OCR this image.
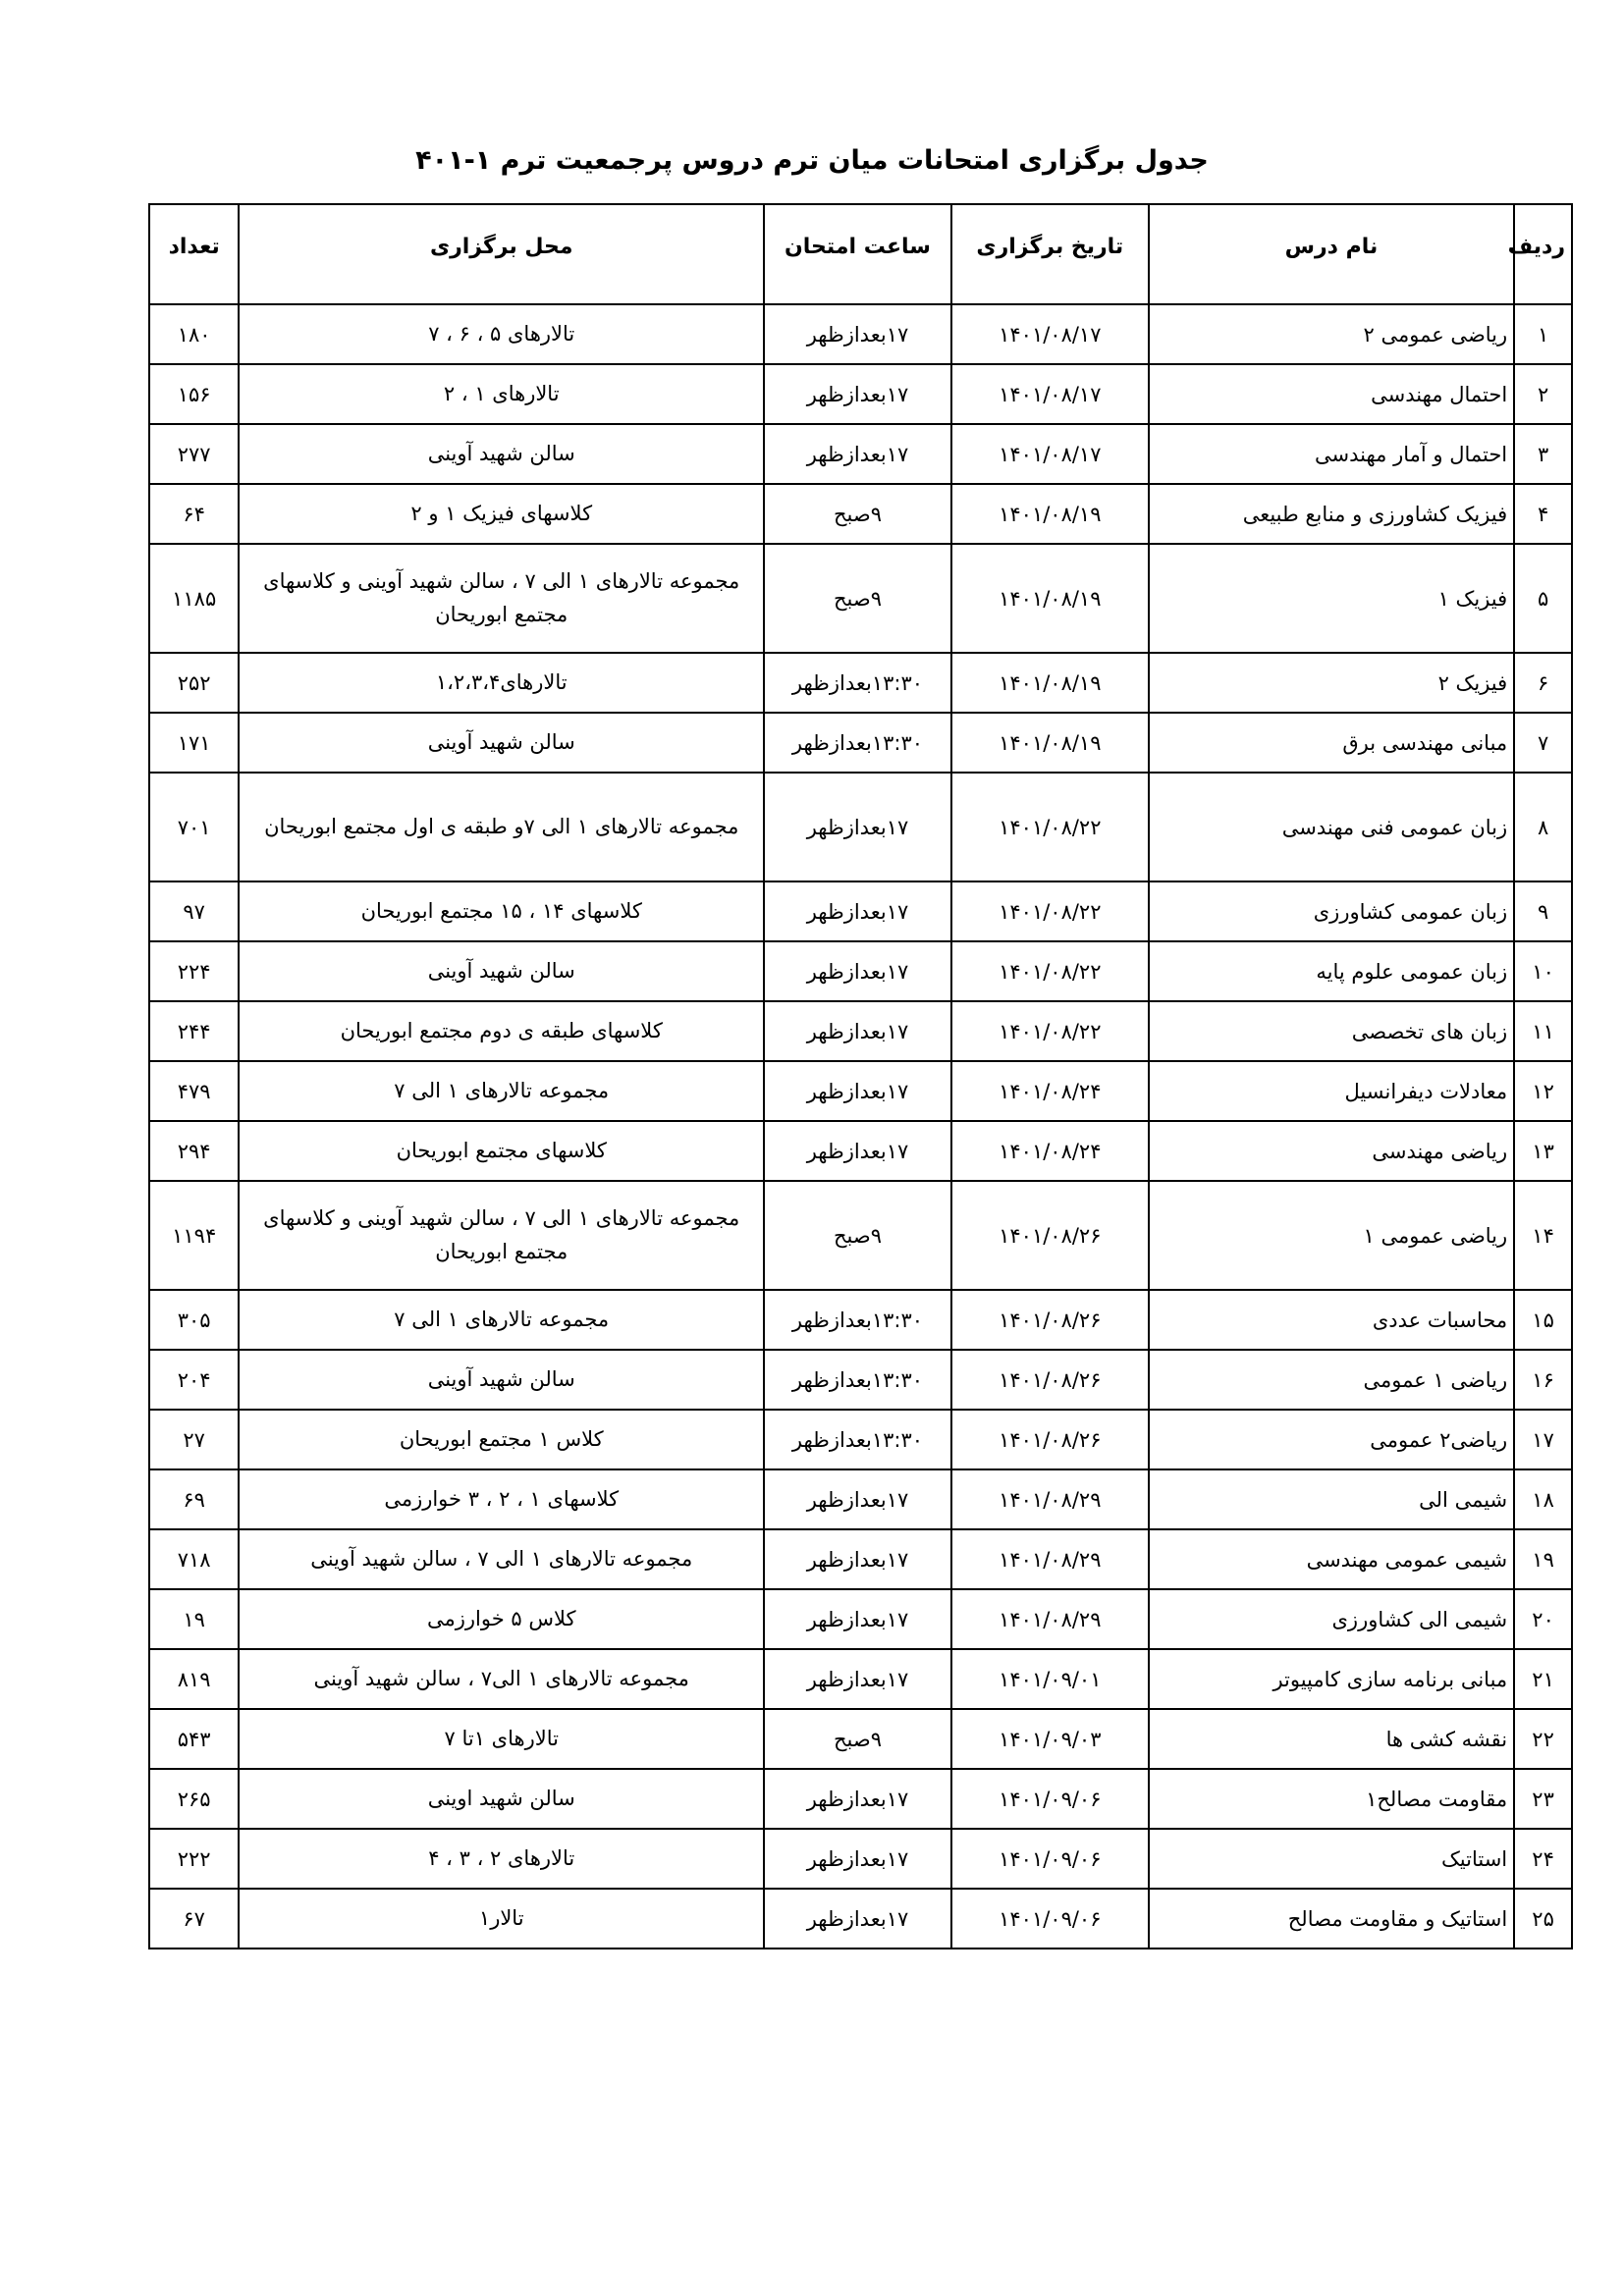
جدول برگزاری امتحانات میان ترم دروس پرجمعیت ترم ۱-۴۰۱
ردیف	نام درس	تاریخ برگزاری	ساعت امتحان	محل برگزاری	تعداد
۱	ریاضی عمومی ۲	۱۴۰۱/۰۸/۱۷	۱۷بعدازظهر	تالارهای ۵ ، ۶ ، ۷	۱۸۰
۲	احتمال مهندسی	۱۴۰۱/۰۸/۱۷	۱۷بعدازظهر	تالارهای ۱ ، ۲	۱۵۶
۳	احتمال و آمار مهندسی	۱۴۰۱/۰۸/۱۷	۱۷بعدازظهر	سالن شهید آوینی	۲۷۷
۴	فیزیک کشاورزی و منابع طبیعی	۱۴۰۱/۰۸/۱۹	۹صبح	کلاسهای فیزیک ۱ و ۲	۶۴
۵	فیزیک ۱	۱۴۰۱/۰۸/۱۹	۹صبح	مجموعه تالارهای ۱ الی ۷ ، سالن شهید آوینی و کلاسهای مجتمع ابوریحان	۱۱۸۵
۶	فیزیک ۲	۱۴۰۱/۰۸/۱۹	۱۳:۳۰بعدازظهر	تالارهای۱،۲،۳،۴	۲۵۲
۷	مبانی مهندسی برق	۱۴۰۱/۰۸/۱۹	۱۳:۳۰بعدازظهر	سالن شهید آوینی	۱۷۱
۸	زبان عمومی فنی مهندسی	۱۴۰۱/۰۸/۲۲	۱۷بعدازظهر	مجموعه تالارهای ۱ الی ۷و طبقه ی اول مجتمع ابوریحان	۷۰۱
۹	زبان عمومی کشاورزی	۱۴۰۱/۰۸/۲۲	۱۷بعدازظهر	کلاسهای ۱۴ ، ۱۵ مجتمع ابوریحان	۹۷
۱۰	زبان عمومی علوم پایه	۱۴۰۱/۰۸/۲۲	۱۷بعدازظهر	سالن شهید آوینی	۲۲۴
۱۱	زبان های تخصصی	۱۴۰۱/۰۸/۲۲	۱۷بعدازظهر	کلاسهای طبقه ی دوم مجتمع ابوریحان	۲۴۴
۱۲	معادلات دیفرانسیل	۱۴۰۱/۰۸/۲۴	۱۷بعدازظهر	مجموعه تالارهای ۱ الی ۷	۴۷۹
۱۳	ریاضی مهندسی	۱۴۰۱/۰۸/۲۴	۱۷بعدازظهر	کلاسهای مجتمع ابوریحان	۲۹۴
۱۴	ریاضی عمومی ۱	۱۴۰۱/۰۸/۲۶	۹صبح	مجموعه تالارهای ۱ الی ۷ ، سالن شهید آوینی و کلاسهای مجتمع ابوریحان	۱۱۹۴
۱۵	محاسبات عددی	۱۴۰۱/۰۸/۲۶	۱۳:۳۰بعدازظهر	مجموعه تالارهای ۱ الی ۷	۳۰۵
۱۶	ریاضی ۱ عمومی	۱۴۰۱/۰۸/۲۶	۱۳:۳۰بعدازظهر	سالن شهید آوینی	۲۰۴
۱۷	ریاضی۲ عمومی	۱۴۰۱/۰۸/۲۶	۱۳:۳۰بعدازظهر	کلاس ۱ مجتمع ابوریحان	۲۷
۱۸	شیمی الی	۱۴۰۱/۰۸/۲۹	۱۷بعدازظهر	کلاسهای ۱ ، ۲ ، ۳ خوارزمی	۶۹
۱۹	شیمی عمومی مهندسی	۱۴۰۱/۰۸/۲۹	۱۷بعدازظهر	مجموعه تالارهای ۱ الی ۷ ، سالن شهید آوینی	۷۱۸
۲۰	شیمی الی کشاورزی	۱۴۰۱/۰۸/۲۹	۱۷بعدازظهر	کلاس ۵ خوارزمی	۱۹
۲۱	مبانی برنامه سازی کامپیوتر	۱۴۰۱/۰۹/۰۱	۱۷بعدازظهر	مجموعه تالارهای ۱ الی۷ ، سالن شهید آوینی	۸۱۹
۲۲	نقشه کشی ها	۱۴۰۱/۰۹/۰۳	۹صبح	تالارهای ۱تا ۷	۵۴۳
۲۳	مقاومت مصالح۱	۱۴۰۱/۰۹/۰۶	۱۷بعدازظهر	سالن شهید اوینی	۲۶۵
۲۴	استاتیک	۱۴۰۱/۰۹/۰۶	۱۷بعدازظهر	تالارهای ۲ ، ۳ ، ۴	۲۲۲
۲۵	استاتیک و مقاومت مصالح	۱۴۰۱/۰۹/۰۶	۱۷بعدازظهر	تالار۱	۶۷
